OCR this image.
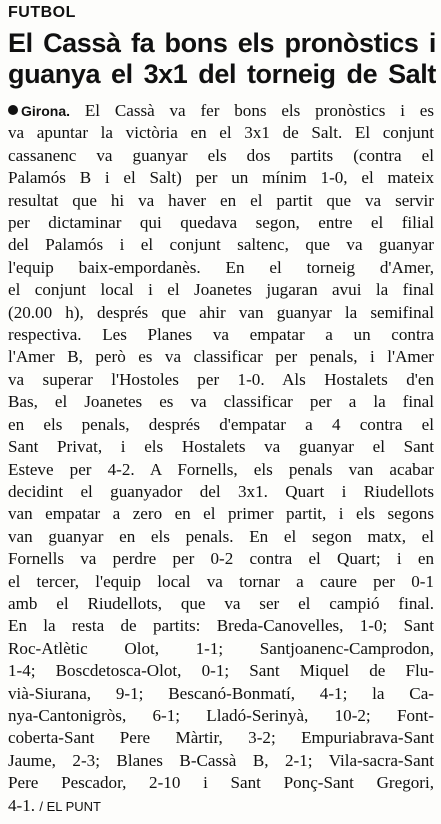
FUTBOL
El Cassà fa bons els pronòstics i
guanya el 3x1 del torneig de Salt
Girona. El Cassà va fer bons els pronòstics i es
va apuntar la victòria en el 3x1 de Salt. El conjunt
cassanenc va guanyar els dos partits (contra el
Palamós B i el Salt) per un mínim 1-0, el mateix
resultat que hi va haver en el partit que va servir
per dictaminar qui quedava segon, entre el filial
del Palamós i el conjunt saltenc, que va guanyar
l'equip baix-empordanès. En el torneig d'Amer,
el conjunt local i el Joanetes jugaran avui la final
(20.00 h), després que ahir van guanyar la semifinal
respectiva. Les Planes va empatar a un contra
l'Amer B, però es va classificar per penals, i l'Amer
va superar l'Hostoles per 1-0. Als Hostalets d'en
Bas, el Joanetes es va classificar per a la final
en els penals, després d'empatar a 4 contra el
Sant Privat, i els Hostalets va guanyar el Sant
Esteve per 4-2. A Fornells, els penals van acabar
decidint el guanyador del 3x1. Quart i Riudellots
van empatar a zero en el primer partit, i els segons
van guanyar en els penals. En el segon matx, el
Fornells va perdre per 0-2 contra el Quart; i en
el tercer, l'equip local va tornar a caure per 0-1
amb el Riudellots, que va ser el campió final.
En la resta de partits: Breda-Canovelles, 1-0; Sant
Roc-Atlètic Olot, 1-1; Santjoanenc-Camprodon,
1-4; Boscdetosca-Olot, 0-1; Sant Miquel de Flu-
vià-Siurana, 9-1; Bescanó-Bonmatí, 4-1; la Ca-
nya-Cantonigròs, 6-1; Lladó-Serinyà, 10-2; Font-
coberta-Sant Pere Màrtir, 3-2; Empuriabrava-Sant
Jaume, 2-3; Blanes B-Cassà B, 2-1; Vila-sacra-Sant
Pere Pescador, 2-10 i Sant Ponç-Sant Gregori,
4-1. / EL PUNT
